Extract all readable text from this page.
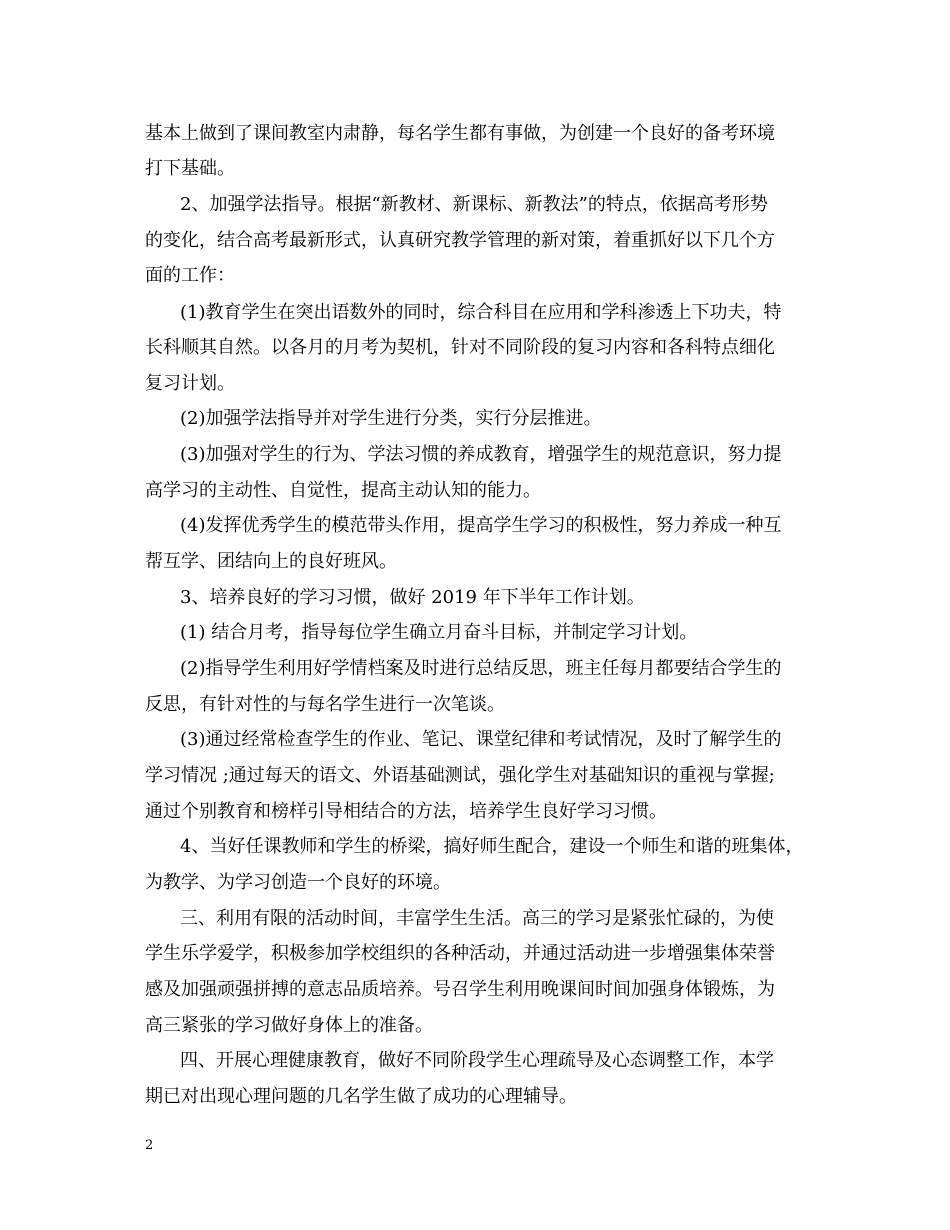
基本上做到了课间教室内肃静，每名学生都有事做，为创建一个良好的备考环境
打下基础。
2、加强学法指导。根据“新教材、新课标、新教法”的特点，依据高考形势
的变化，结合高考最新形式，认真研究教学管理的新对策，着重抓好以下几个方
面的工作：
(1)教育学生在突出语数外的同时，综合科目在应用和学科渗透上下功夫，特
长科顺其自然。以各月的月考为契机，针对不同阶段的复习内容和各科特点细化
复习计划。
(2)加强学法指导并对学生进行分类，实行分层推进。
(3)加强对学生的行为、学法习惯的养成教育，增强学生的规范意识，努力提
高学习的主动性、自觉性，提高主动认知的能力。
(4)发挥优秀学生的模范带头作用，提高学生学习的积极性，努力养成一种互
帮互学、团结向上的良好班风。
3、培养良好的学习习惯，做好 2019 年下半年工作计划。
(1) 结合月考，指导每位学生确立月奋斗目标，并制定学习计划。
(2)指导学生利用好学情档案及时进行总结反思，班主任每月都要结合学生的
反思，有针对性的与每名学生进行一次笔谈。
(3)通过经常检查学生的作业、笔记、课堂纪律和考试情况，及时了解学生的
学习情况 ;通过每天的语文、外语基础测试，强化学生对基础知识的重视与掌握;
通过个别教育和榜样引导相结合的方法，培养学生良好学习习惯。
4、当好任课教师和学生的桥梁，搞好师生配合，建设一个师生和谐的班集体，
为教学、为学习创造一个良好的环境。
三、利用有限的活动时间，丰富学生生活。高三的学习是紧张忙碌的，为使
学生乐学爱学，积极参加学校组织的各种活动，并通过活动进一步增强集体荣誉
感及加强顽强拼搏的意志品质培养。号召学生利用晚课间时间加强身体锻炼，为
高三紧张的学习做好身体上的准备。
四、开展心理健康教育，做好不同阶段学生心理疏导及心态调整工作，本学
期已对出现心理问题的几名学生做了成功的心理辅导。
2
